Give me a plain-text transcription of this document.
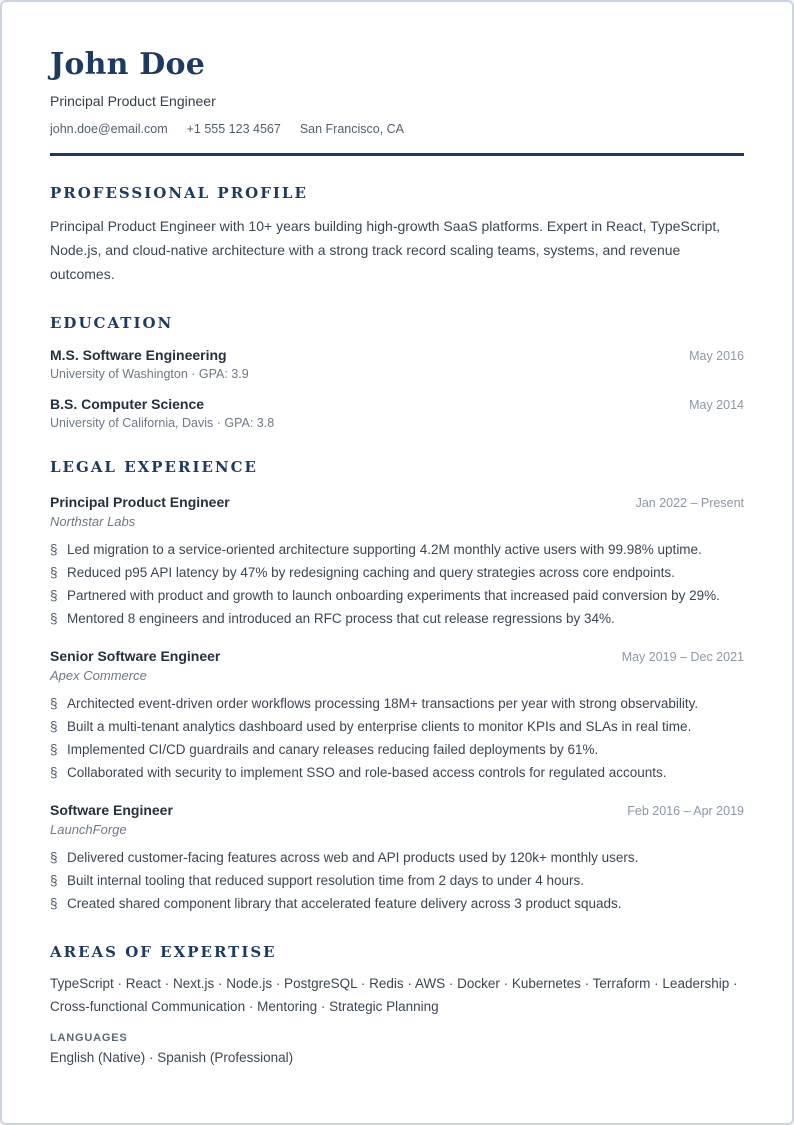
John Doe
Principal Product Engineer
john.doe@email.com +1 555 123 4567 San Francisco, CA
PROFESSIONAL PROFILE

Principal Product Engineer with 10+ years building high-growth SaaS platforms. Expert in React, TypeScript, Node.js, and cloud-native architecture with a strong track record scaling teams, systems, and revenue outcomes.

EDUCATION
M.S. Software Engineering	May 2016
University of Washington · GPA: 3.9
B.S. Computer Science	May 2014
University of California, Davis · GPA: 3.8
LEGAL EXPERIENCE
Principal Product Engineer	Jan 2022 – Present
Northstar Labs
§ Led migration to a service-oriented architecture supporting 4.2M monthly active users with 99.98% uptime.
§ Reduced p95 API latency by 47% by redesigning caching and query strategies across core endpoints.
§ Partnered with product and growth to launch onboarding experiments that increased paid conversion by 29%.
§ Mentored 8 engineers and introduced an RFC process that cut release regressions by 34%.
Senior Software Engineer	May 2019 – Dec 2021
Apex Commerce
§ Architected event-driven order workflows processing 18M+ transactions per year with strong observability.
§ Built a multi-tenant analytics dashboard used by enterprise clients to monitor KPIs and SLAs in real time.
§ Implemented CI/CD guardrails and canary releases reducing failed deployments by 61%.
§ Collaborated with security to implement SSO and role-based access controls for regulated accounts.
Software Engineer	Feb 2016 – Apr 2019
LaunchForge
§ Delivered customer-facing features across web and API products used by 120k+ monthly users.
§ Built internal tooling that reduced support resolution time from 2 days to under 4 hours.
§ Created shared component library that accelerated feature delivery across 3 product squads.
AREAS OF EXPERTISE

TypeScript · React · Next.js · Node.js · PostgreSQL · Redis · AWS · Docker · Kubernetes · Terraform · Leadership · Cross-functional Communication · Mentoring · Strategic Planning

LANGUAGES
English (Native) · Spanish (Professional)
